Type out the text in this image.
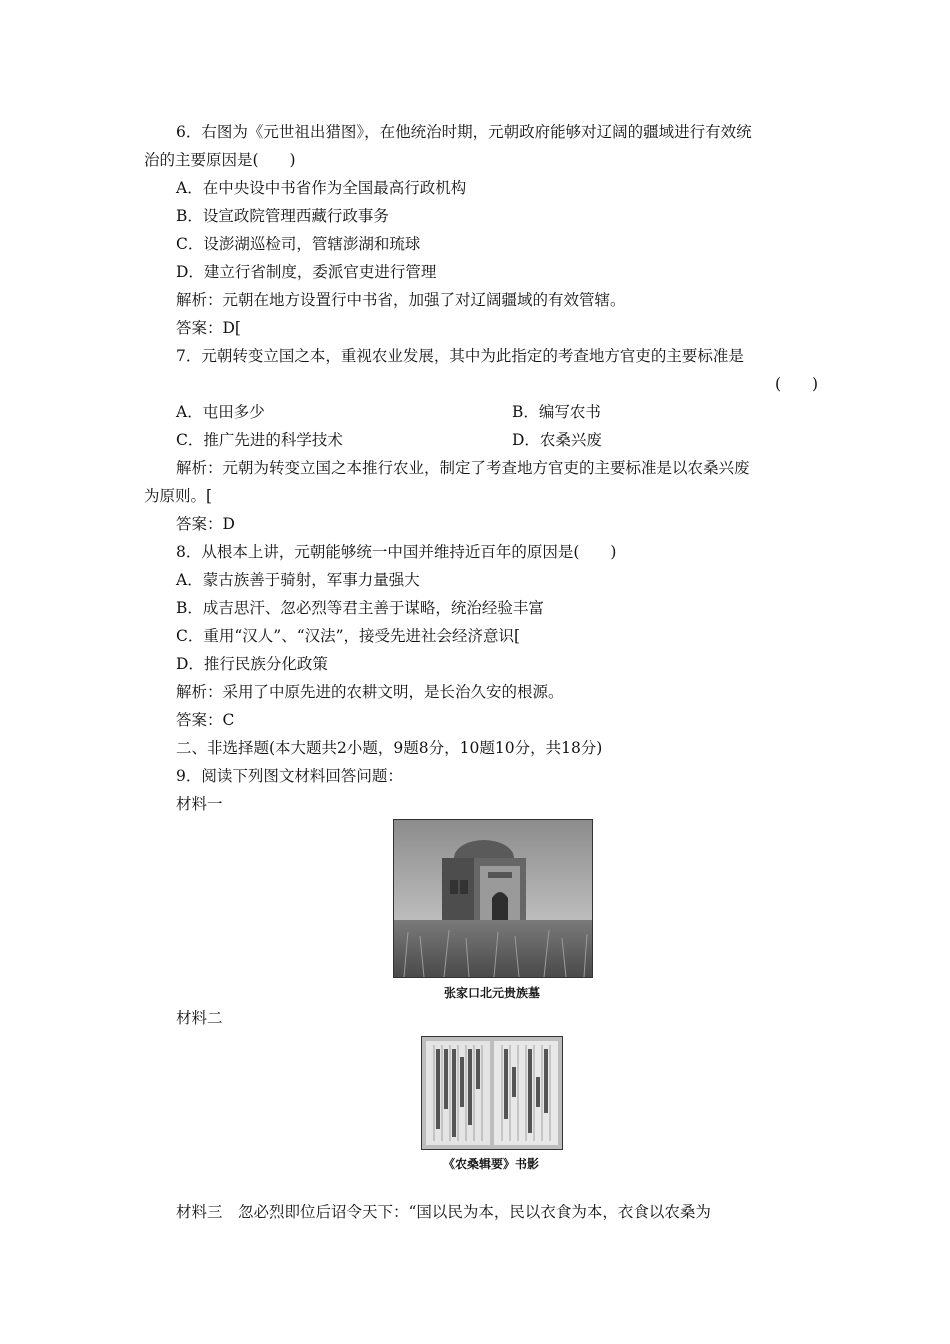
6．右图为《元世祖出猎图》，在他统治时期，元朝政府能够对辽阔的疆域进行有效统
治的主要原因是(　　)
A．在中央设中书省作为全国最高行政机构
B．设宣政院管理西藏行政事务
C．设澎湖巡检司，管辖澎湖和琉球
D．建立行省制度，委派官吏进行管理
解析：元朝在地方设置行中书省，加强了对辽阔疆域的有效管辖。
答案：D[
7．元朝转变立国之本，重视农业发展，其中为此指定的考查地方官吏的主要标准是
(　　)
A．屯田多少	B．编写农书
C．推广先进的科学技术	D．农桑兴废
解析：元朝为转变立国之本推行农业，制定了考查地方官吏的主要标准是以农桑兴废
为原则。[
答案：D
8．从根本上讲，元朝能够统一中国并维持近百年的原因是(　　)
A．蒙古族善于骑射，军事力量强大
B．成吉思汗、忽必烈等君主善于谋略，统治经验丰富
C．重用“汉人”、“汉法”，接受先进社会经济意识[
D．推行民族分化政策
解析：采用了中原先进的农耕文明，是长治久安的根源。
答案：C
二、非选择题(本大题共2小题，9题8分，10题10分，共18分)
9．阅读下列图文材料回答问题：
材料一
张家口北元贵族墓
材料二
《农桑辑要》书影
材料三　忽必烈即位后诏令天下：“国以民为本，民以衣食为本，衣食以农桑为
